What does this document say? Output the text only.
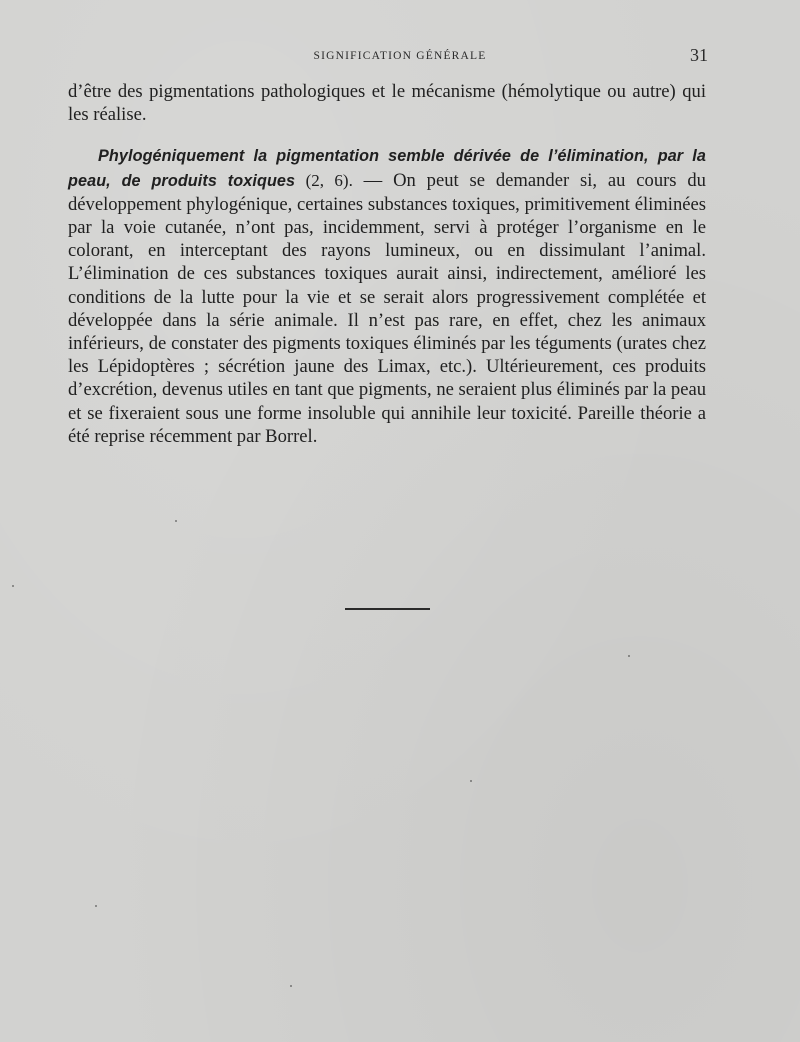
SIGNIFICATION GÉNÉRALE	31

d’être des pigmentations pathologiques et le mécanisme (hémolytique ou autre) qui les réalise.

Phylogéniquement la pigmentation semble dérivée de l’élimination, par la peau, de produits toxiques (2, 6). — On peut se demander si, au cours du développement phylogénique, certaines substances toxiques, primitivement éliminées par la voie cutanée, n’ont pas, incidemment, servi à protéger l’organisme en le colorant, en interceptant des rayons lumineux, ou en dissimulant l’animal. L’élimination de ces substances toxiques aurait ainsi, indirectement, amélioré les conditions de la lutte pour la vie et se serait alors progressivement complétée et développée dans la série animale. Il n’est pas rare, en effet, chez les animaux inférieurs, de constater des pigments toxiques éliminés par les téguments (urates chez les Lépidoptères ; sécrétion jaune des Limax, etc.). Ultérieurement, ces produits d’excrétion, devenus utiles en tant que pigments, ne seraient plus éliminés par la peau et se fixeraient sous une forme insoluble qui annihile leur toxicité. Pareille théorie a été reprise récemment par Borrel.
